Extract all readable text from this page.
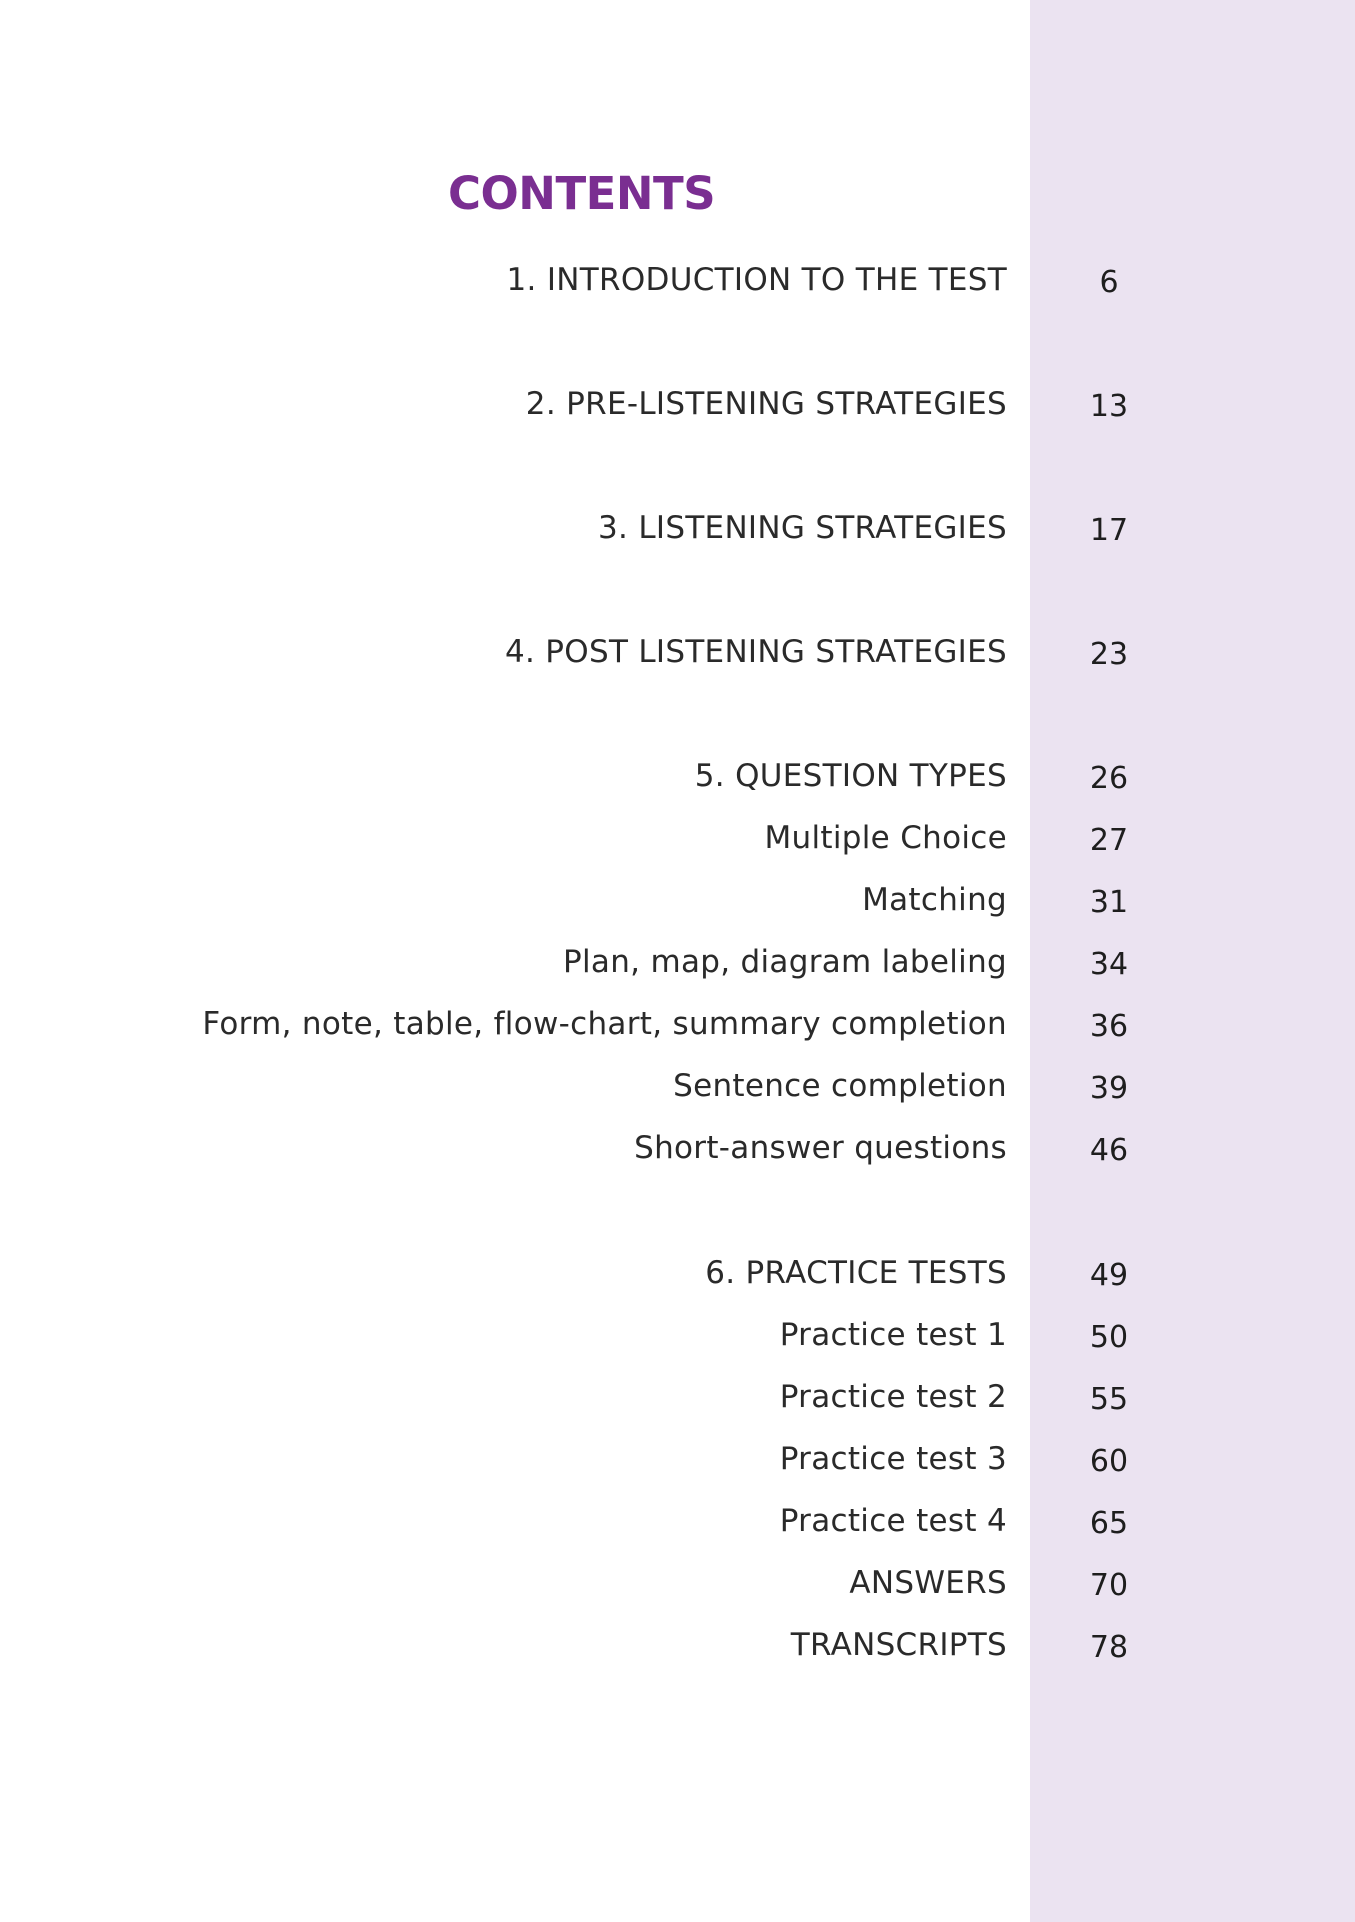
CONTENTS
1. INTRODUCTION TO THE TEST	6
2. PRE-LISTENING STRATEGIES	13
3. LISTENING STRATEGIES	17
4. POST LISTENING STRATEGIES	23
5. QUESTION TYPES	26
Multiple Choice	27
Matching	31
Plan, map, diagram labeling	34
Form, note, table, flow-chart, summary completion	36
Sentence completion	39
Short-answer questions	46
6. PRACTICE TESTS	49
Practice test 1	50
Practice test 2	55
Practice test 3	60
Practice test 4	65
ANSWERS	70
TRANSCRIPTS	78
